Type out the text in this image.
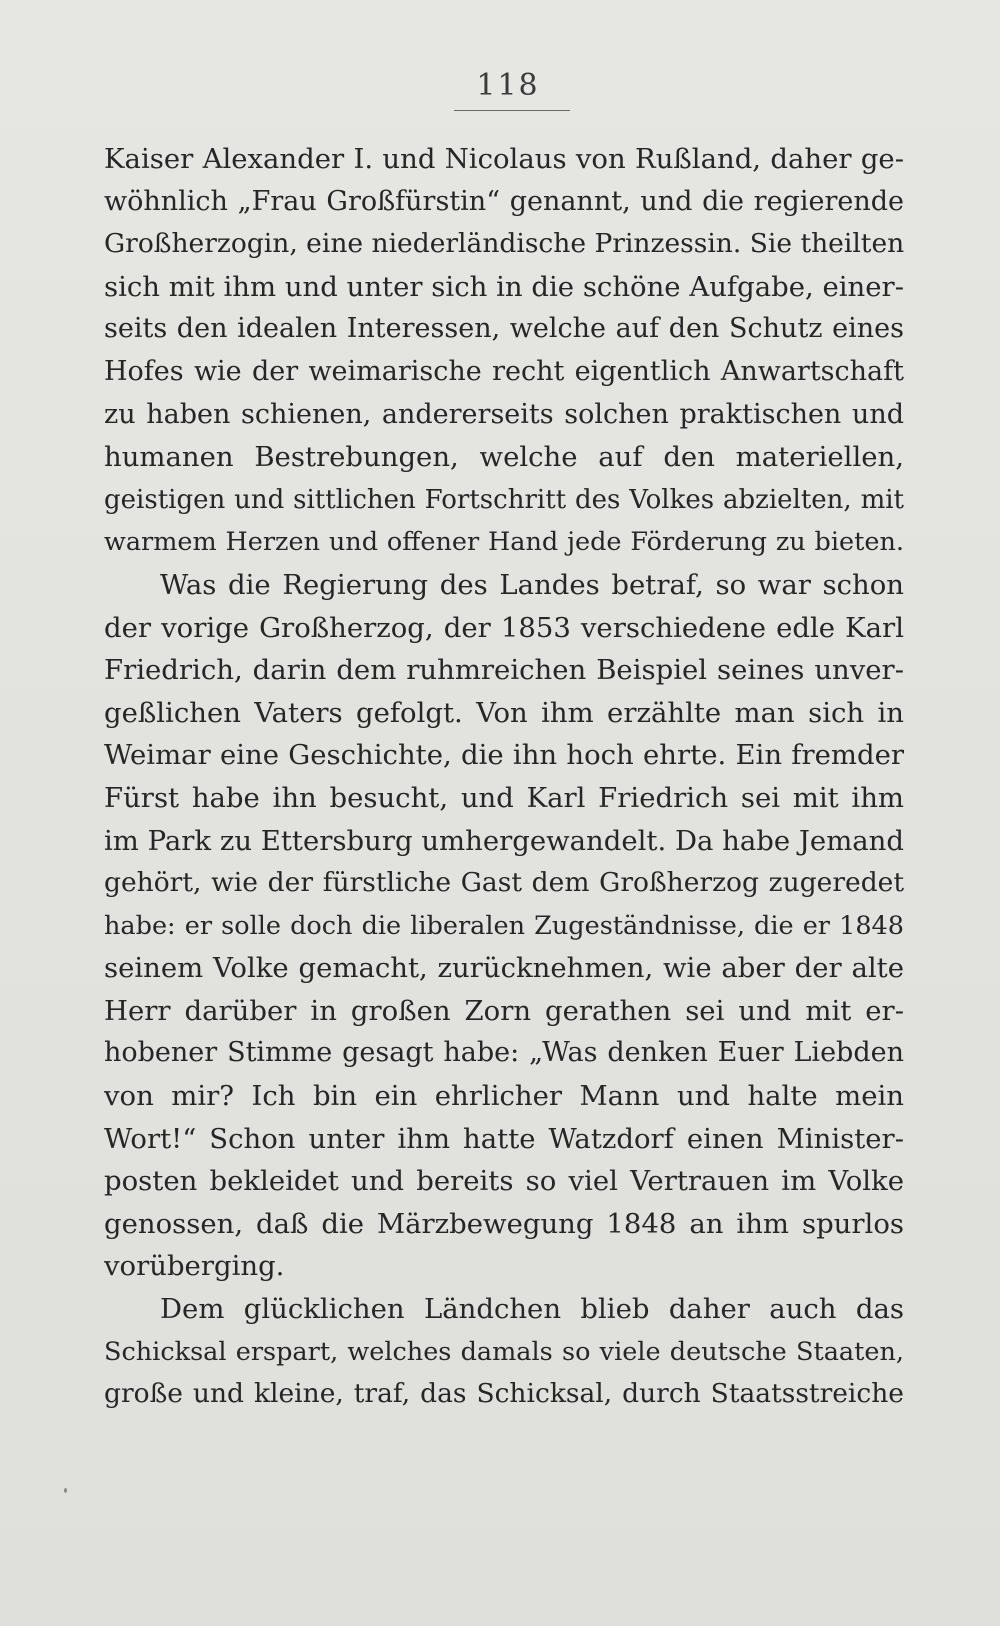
118
Kaiser Alexander I. und Nicolaus von Rußland, daher ge-
wöhnlich „Frau Großfürstin“ genannt, und die regierende
Großherzogin, eine niederländische Prinzessin. Sie theilten
sich mit ihm und unter sich in die schöne Aufgabe, einer-
seits den idealen Interessen, welche auf den Schutz eines
Hofes wie der weimarische recht eigentlich Anwartschaft
zu haben schienen, andererseits solchen praktischen und
humanen Bestrebungen, welche auf den materiellen,
geistigen und sittlichen Fortschritt des Volkes abzielten, mit
warmem Herzen und offener Hand jede Förderung zu bieten.
Was die Regierung des Landes betraf, so war schon
der vorige Großherzog, der 1853 verschiedene edle Karl
Friedrich, darin dem ruhmreichen Beispiel seines unver-
geßlichen Vaters gefolgt. Von ihm erzählte man sich in
Weimar eine Geschichte, die ihn hoch ehrte. Ein fremder
Fürst habe ihn besucht, und Karl Friedrich sei mit ihm
im Park zu Ettersburg umhergewandelt. Da habe Jemand
gehört, wie der fürstliche Gast dem Großherzog zugeredet
habe: er solle doch die liberalen Zugeständnisse, die er 1848
seinem Volke gemacht, zurücknehmen, wie aber der alte
Herr darüber in großen Zorn gerathen sei und mit er-
hobener Stimme gesagt habe: „Was denken Euer Liebden
von mir? Ich bin ein ehrlicher Mann und halte mein
Wort!“ Schon unter ihm hatte Watzdorf einen Minister-
posten bekleidet und bereits so viel Vertrauen im Volke
genossen, daß die Märzbewegung 1848 an ihm spurlos
vorüberging.
Dem glücklichen Ländchen blieb daher auch das
Schicksal erspart, welches damals so viele deutsche Staaten,
große und kleine, traf, das Schicksal, durch Staatsstreiche
